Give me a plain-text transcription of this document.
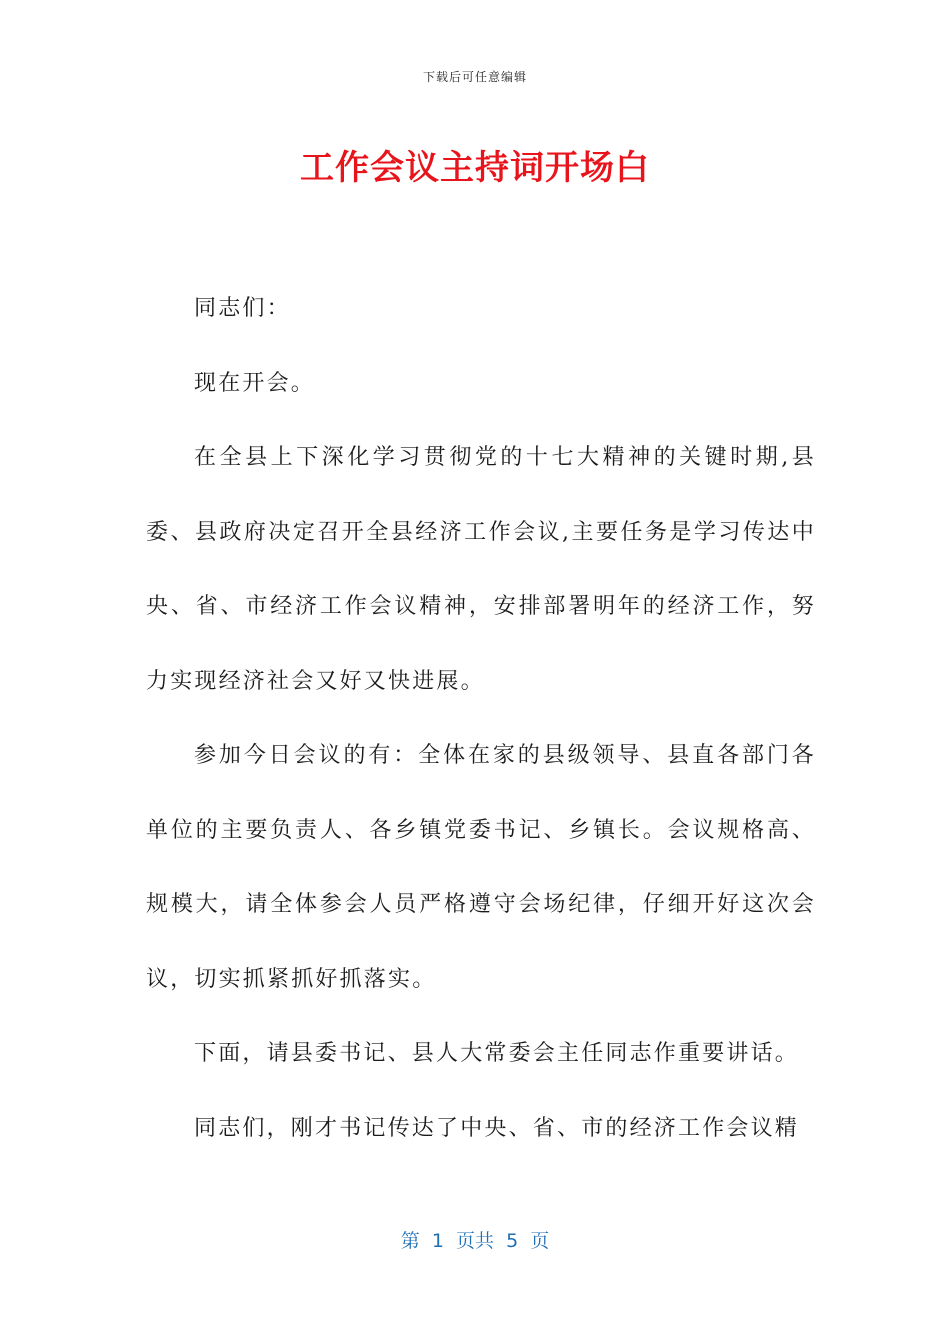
下载后可任意编辑
工作会议主持词开场白

同志们：

现在开会。

在全县上下深化学习贯彻党的十七大精神的关键时期,县委、县政府决定召开全县经济工作会议,主要任务是学习传达中央、省、市经济工作会议精神，安排部署明年的经济工作，努力实现经济社会又好又快进展。

参加今日会议的有：全体在家的县级领导、县直各部门各单位的主要负责人、各乡镇党委书记、乡镇长。会议规格高、规模大，请全体参会人员严格遵守会场纪律，仔细开好这次会议，切实抓紧抓好抓落实。

下面，请县委书记、县人大常委会主任同志作重要讲话。

同志们，刚才书记传达了中央、省、市的经济工作会议精

第  1  页共  5  页
